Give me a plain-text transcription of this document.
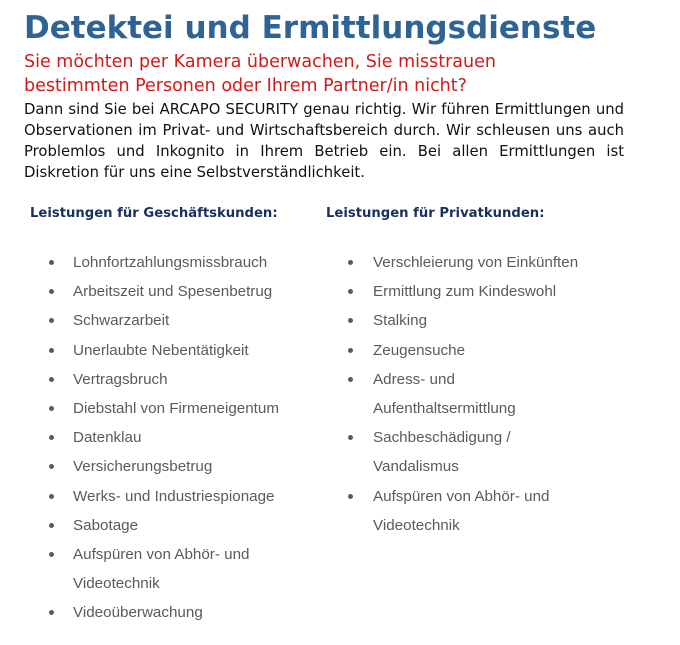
Detektei und Ermittlungsdienste

Sie möchten per Kamera überwachen, Sie misstrauen bestimmten Personen oder Ihrem Partner/in nicht?

Dann sind Sie bei ARCAPO SECURITY genau richtig. Wir führen Ermittlungen und Observationen im Privat- und Wirtschaftsbereich durch. Wir schleusen uns auch Problemlos und Inkognito in Ihrem Betrieb ein. Bei allen Ermittlungen ist Diskretion für uns eine Selbstverständlichkeit.

Leistungen für Geschäftskunden:
Lohnfortzahlungsmissbrauch
Arbeitszeit und Spesenbetrug
Schwarzarbeit
Unerlaubte Nebentätigkeit
Vertragsbruch
Diebstahl von Firmeneigentum
Datenklau
Versicherungsbetrug
Werks- und Industriespionage
Sabotage
Aufspüren von Abhör- und Videotechnik
Videoüberwachung
Leistungen für Privatkunden:
Verschleierung von Einkünften
Ermittlung zum Kindeswohl
Stalking
Zeugensuche
Adress- und Aufenthaltsermittlung
Sachbeschädigung / Vandalismus
Aufspüren von Abhör- und Videotechnik
